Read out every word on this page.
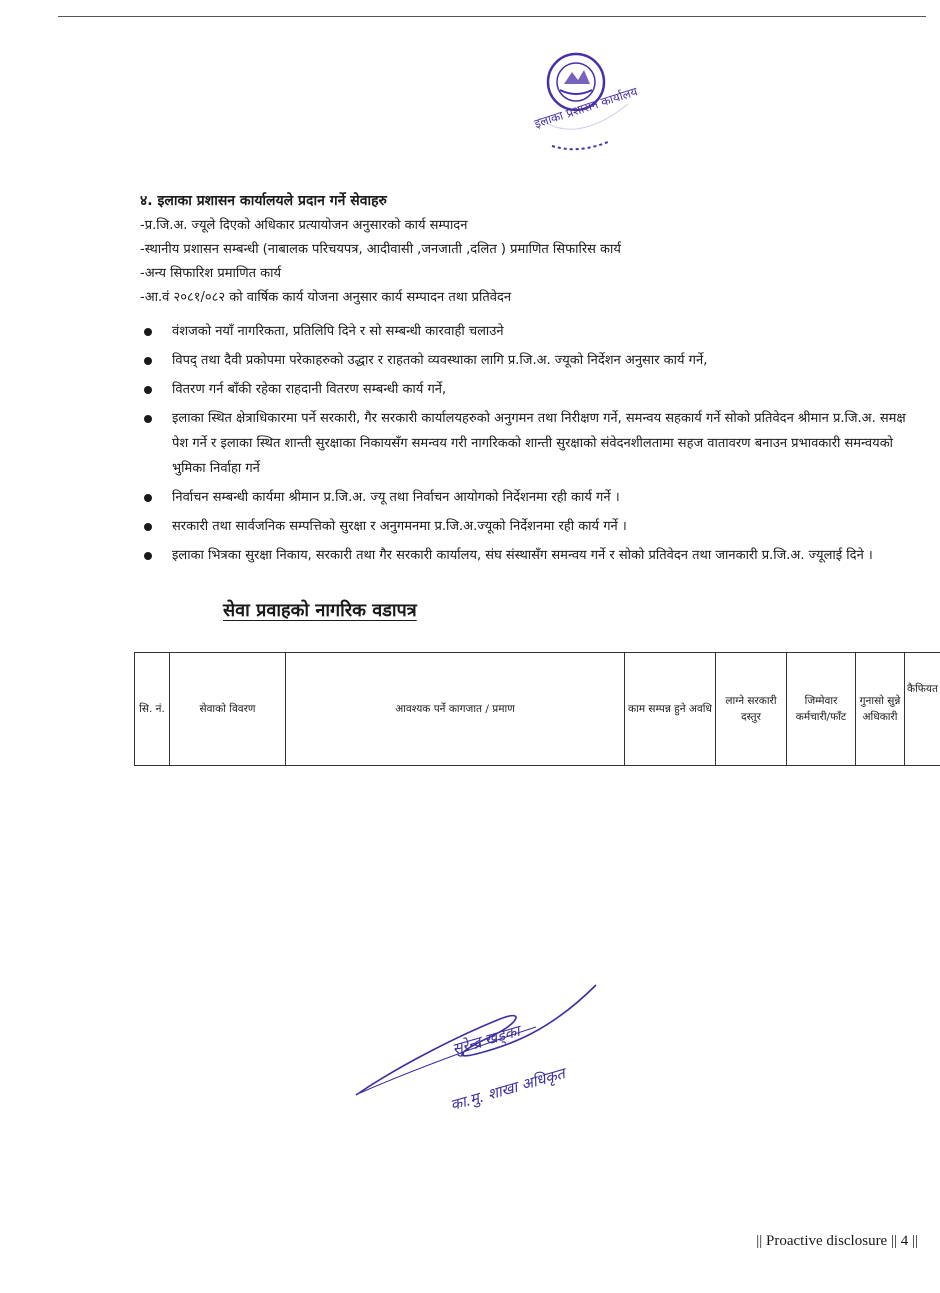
इलाका प्रशासन कार्यालय
४. इलाका प्रशासन कार्यालयले प्रदान गर्ने सेवाहरु
-प्र.जि.अ. ज्यूले दिएको अधिकार प्रत्यायोजन अनुसारको कार्य सम्पादन
-स्थानीय प्रशासन सम्बन्धी (नाबालक परिचयपत्र, आदीवासी ,जनजाती ,दलित ) प्रमाणित सिफारिस कार्य
-अन्य सिफारिश प्रमाणित कार्य
-आ.वं २०८१/०८२ को वार्षिक कार्य योजना अनुसार कार्य सम्पादन तथा प्रतिवेदन
वंशजको नयाँ नागरिकता, प्रतिलिपि दिने र सो सम्बन्धी कारवाही चलाउने
विपद् तथा दैवी प्रकोपमा परेकाहरुको उद्धार र राहतको व्यवस्थाका लागि प्र.जि.अ. ज्यूको निर्देशन अनुसार कार्य गर्ने,
वितरण गर्न बाँकी रहेका राहदानी वितरण सम्बन्धी कार्य गर्ने,
इलाका स्थित क्षेत्राधिकारमा पर्ने सरकारी, गैर सरकारी कार्यालयहरुको अनुगमन तथा निरीक्षण गर्ने, समन्वय सहकार्य गर्ने सोको प्रतिवेदन श्रीमान प्र.जि.अ. समक्ष पेश गर्ने र इलाका स्थित शान्ती सुरक्षाका निकायसँग समन्वय गरी नागरिकको शान्ती सुरक्षाको संवेदनशीलतामा सहज वातावरण बनाउन प्रभावकारी समन्वयको भुमिका निर्वाहा गर्ने
निर्वाचन सम्बन्धी कार्यमा श्रीमान प्र.जि.अ. ज्यू तथा निर्वाचन आयोगको निर्देशनमा रही कार्य गर्ने ।
सरकारी तथा सार्वजनिक सम्पत्तिको सुरक्षा र अनुगमनमा प्र.जि.अ.ज्यूको निर्देशनमा रही कार्य गर्ने ।
इलाका भित्रका सुरक्षा निकाय, सरकारी तथा गैर सरकारी कार्यालय, संघ संस्थासँग समन्वय गर्ने र सोको प्रतिवेदन तथा जानकारी प्र.जि.अ. ज्यूलाई दिने ।
सेवा प्रवाहको नागरिक वडापत्र
सि. नं.	सेवाको विवरण	आवश्यक पर्ने कागजात / प्रमाण	काम सम्पन्न हुने अवधि	लाग्ने सरकारी दस्तुर	जिम्मेवार कर्मचारी/फाँट	गुनासो सुन्ने अधिकारी	कैफियत
सुरेन्द्र खड्का
का.मु. शाखा अधिकृत
|| Proactive disclosure || 4 ||
